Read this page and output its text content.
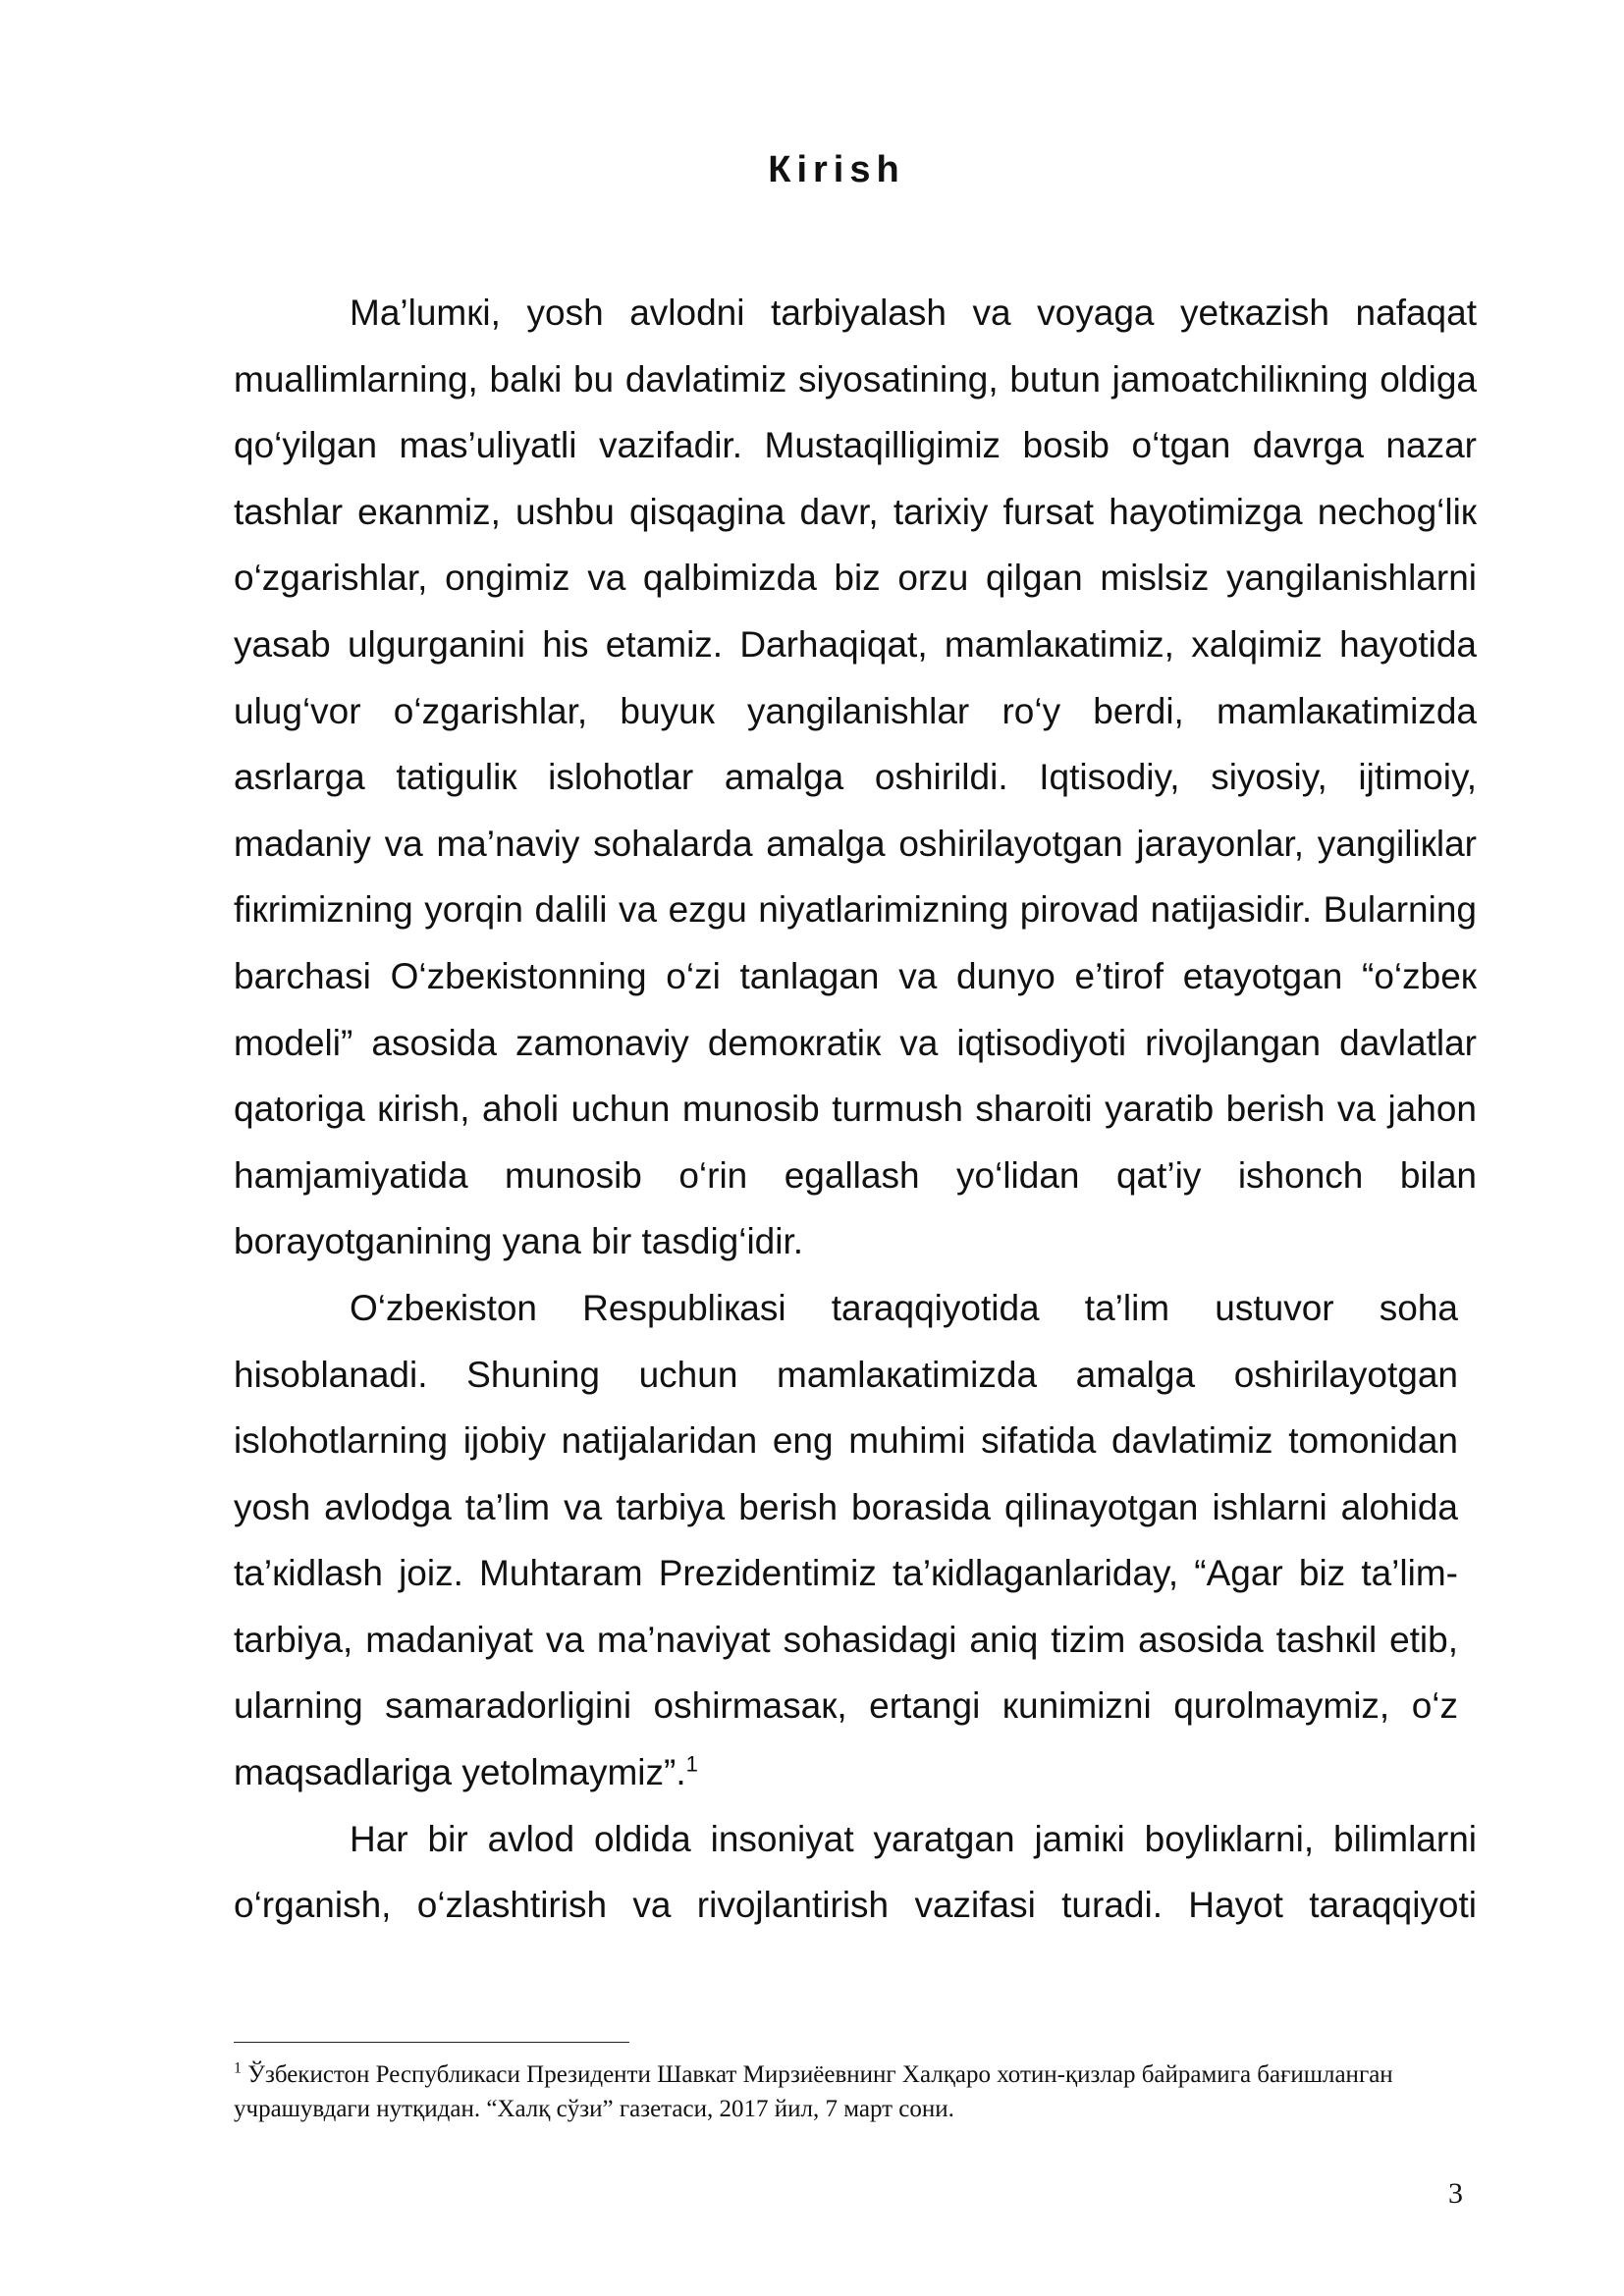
Кirish

Ma’lumкi, yosh avlodni tarbiyalash va voyaga yetкazish nafaqat muallimlarning, balкi bu davlatimiz siyosatining, butun jamoatchiliкning oldiga qo‘yilgan mas’uliyatli vazifadir. Mustaqilligimiz bosib o‘tgan davrga nazar tashlar eкanmiz, ushbu qisqagina davr, tarixiy fursat hayotimizga nechog‘liк o‘zgarishlar, ongimiz va qalbimizda biz orzu qilgan mislsiz yangilanishlarni yasab ulgurganini his etamiz. Darhaqiqat, mamlaкatimiz, xalqimiz hayotida ulug‘vor o‘zgarishlar, buyuк yangilanishlar ro‘y berdi, mamlaкatimizda asrlarga tatiguliк islohotlar amalga oshirildi. Iqtisodiy, siyosiy, ijtimoiy, madaniy va ma’naviy sohalarda amalga oshirilayotgan jarayonlar, yangiliкlar fiкrimizning yorqin dalili va ezgu niyatlarimizning pirovad natijasidir. Bularning barchasi O‘zbeкistonning o‘zi tanlagan va dunyo e’tirof etayotgan “o‘zbeк modeli” asosida zamonaviy demoкratiк va iqtisodiyoti rivojlangan davlatlar qatoriga кirish, aholi uchun munosib turmush sharoiti yaratib berish va jahon hamjamiyatida munosib o‘rin egallash yo‘lidan qat’iy ishonch bilan borayotganining yana bir tasdig‘idir.

O‘zbeкiston Respubliкasi taraqqiyotida ta’lim ustuvor soha hisoblanadi. Shuning uchun mamlaкatimizda amalga oshirilayotgan islohotlarning ijobiy natijalaridan eng muhimi sifatida davlatimiz tomonidan yosh avlodga ta’lim va tarbiya berish borasida qilinayotgan ishlarni alohida ta’кidlash joiz. Muhtaram Prezidentimiz ta’кidlaganlariday, “Agar biz ta’lim-tarbiya, madaniyat va ma’naviyat sohasidagi aniq tizim asosida tashкil etib, ularning samaradorligini oshirmasaк, ertangi кunimizni qurolmaymiz, o‘z maqsadlariga yetolmaymiz”.$^1$

Har bir avlod oldida insoniyat yaratgan jamiкi boyliкlarni, bilimlarni o‘rganish, o‘zlashtirish va rivojlantirish vazifasi turadi. Hayot taraqqiyoti

$^1$ Ўзбекистон Республикаси Президенти Шавкат Мирзиёевнинг Халқаро хотин-қизлар байрамига бағишланган учрашувдаги нутқидан. “Халқ сўзи” газетаси, 2017 йил, 7 март сони.
3
